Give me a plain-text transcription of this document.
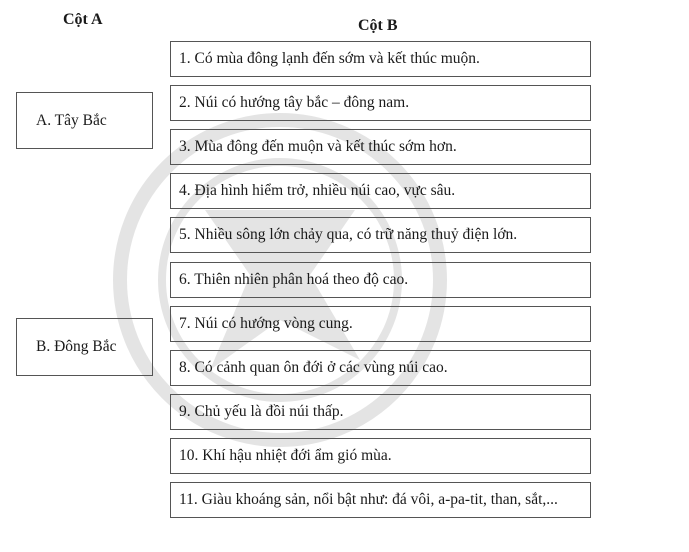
Cột A	Cột B
A. Tây Bắc
B. Đông Bắc
1. Có mùa đông lạnh đến sớm và kết thúc muộn.
2. Núi có hướng tây bắc – đông nam.
3. Mùa đông đến muộn và kết thúc sớm hơn.
4. Địa hình hiểm trở, nhiều núi cao, vực sâu.
5. Nhiều sông lớn chảy qua, có trữ năng thuỷ điện lớn.
6. Thiên nhiên phân hoá theo độ cao.
7. Núi có hướng vòng cung.
8. Có cảnh quan ôn đới ở các vùng núi cao.
9. Chủ yếu là đồi núi thấp.
10. Khí hậu nhiệt đới ẩm gió mùa.
11. Giàu khoáng sản, nổi bật như: đá vôi, a-pa-tit, than, sắt,...
